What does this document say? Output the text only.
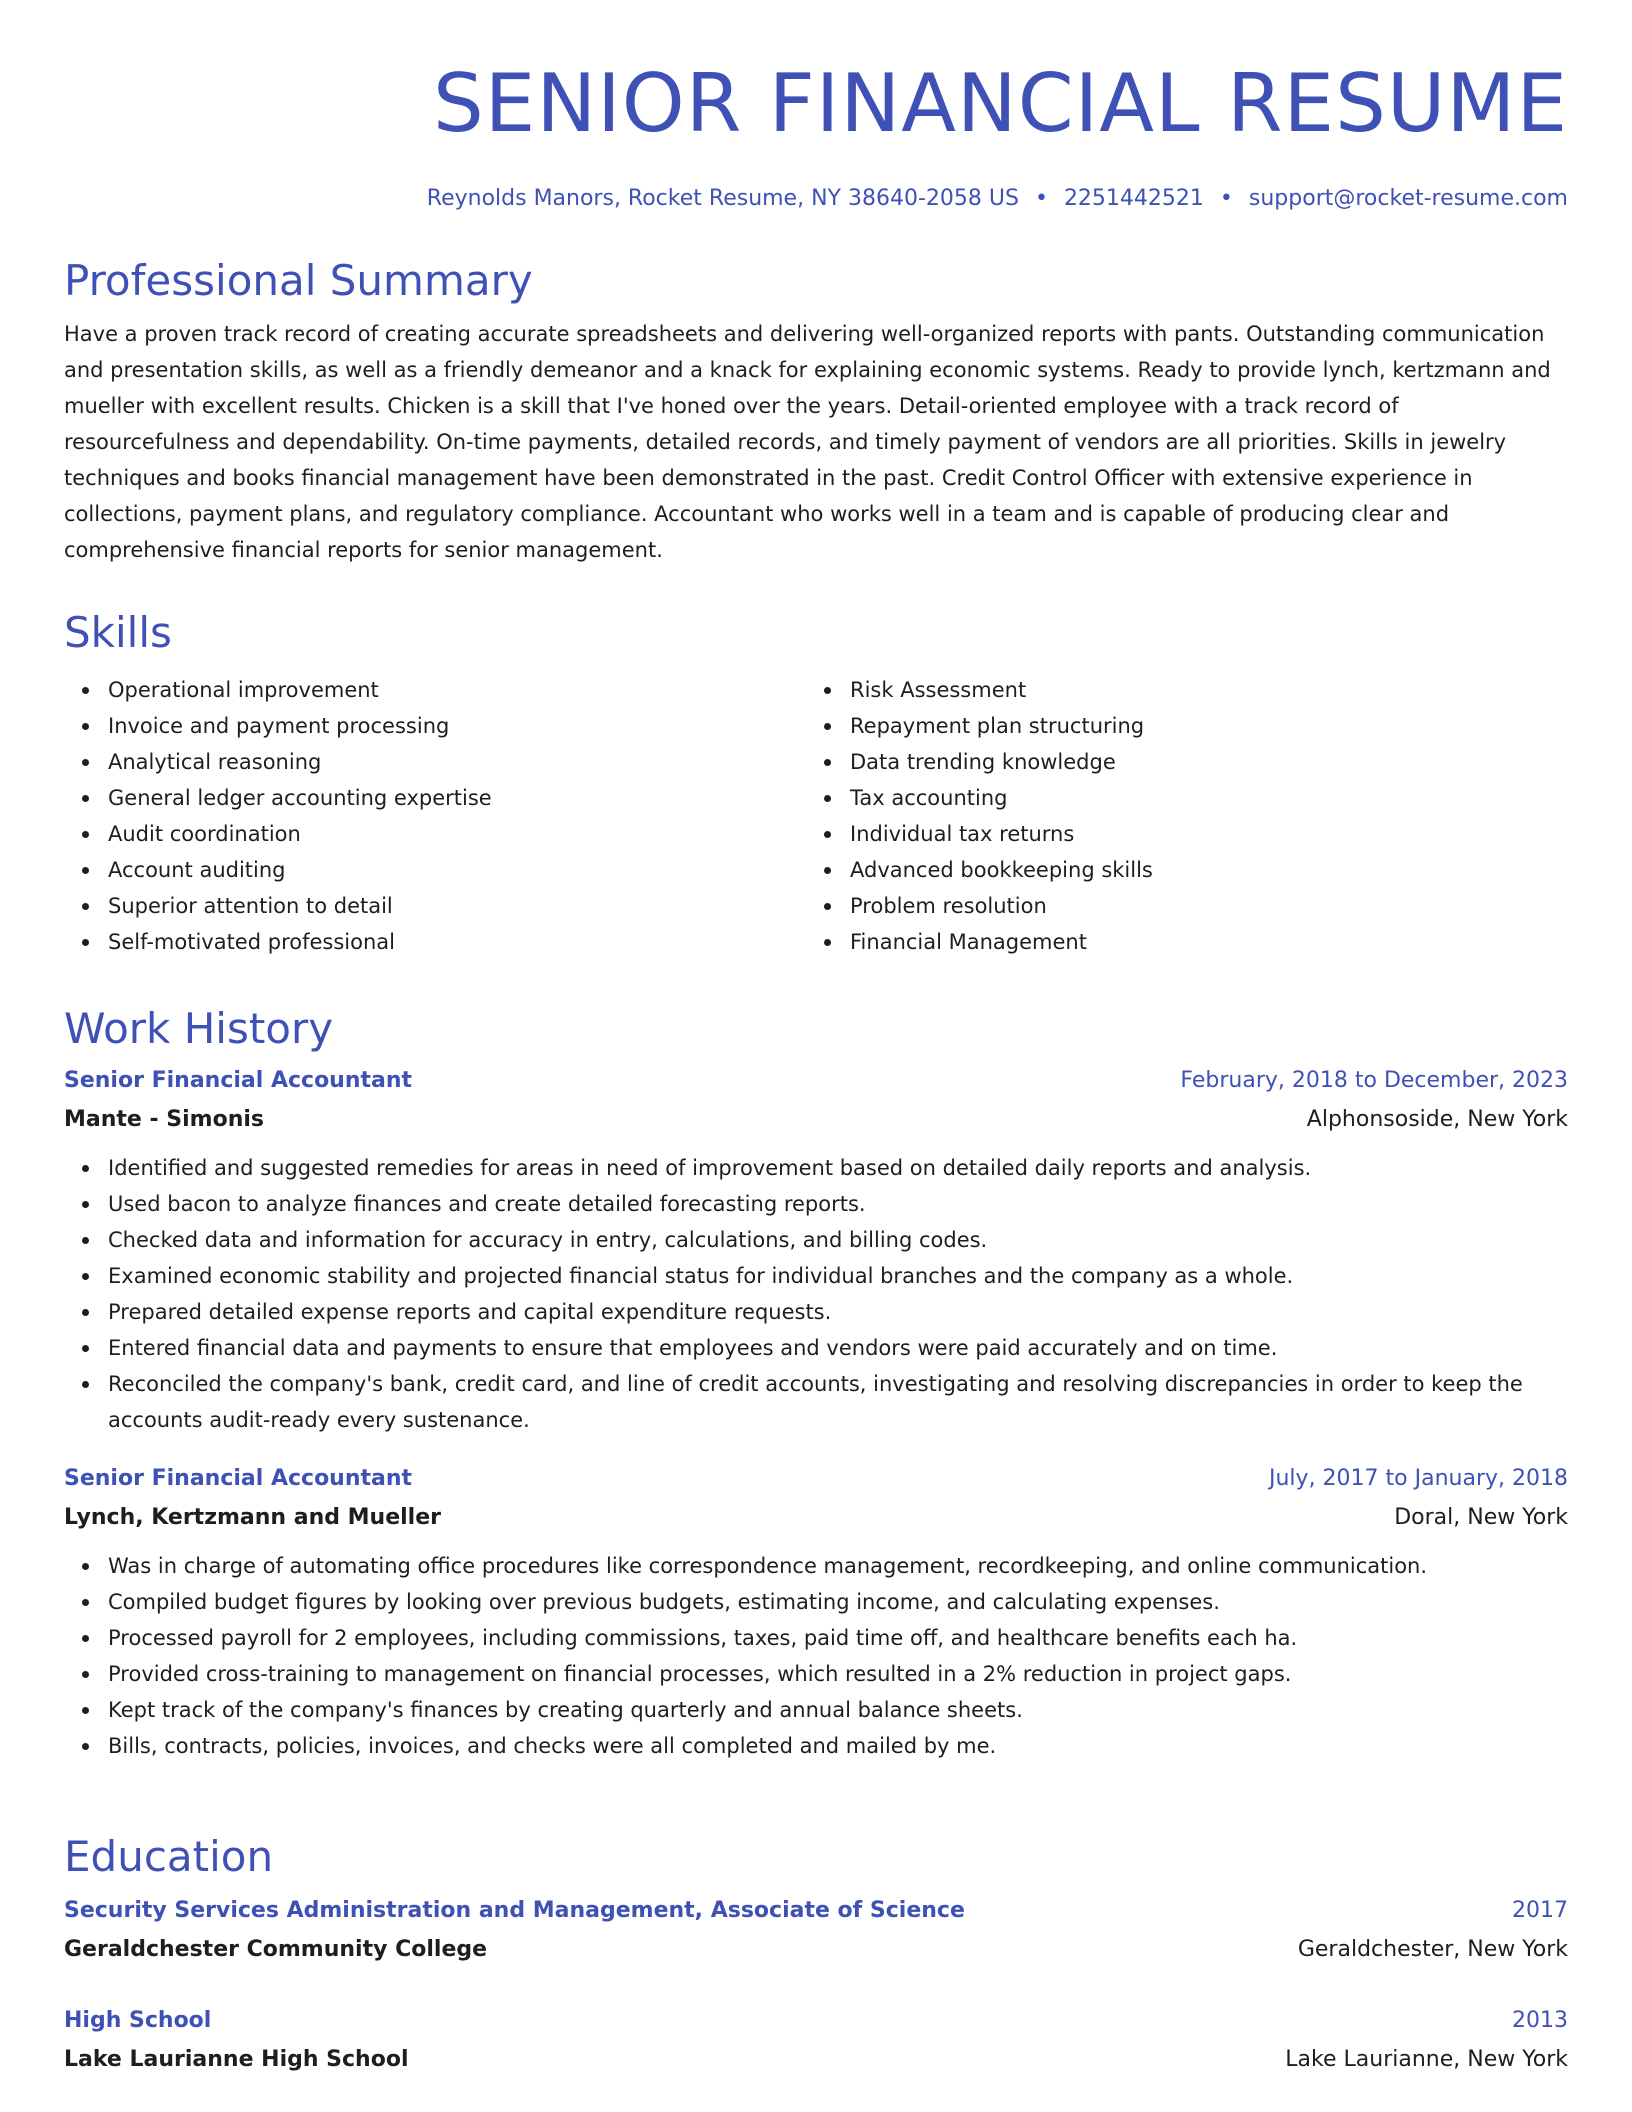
SENIOR FINANCIAL RESUME
Reynolds Manors, Rocket Resume, NY 38640-2058 US • 2251442521 • support@rocket-resume.com
Professional Summary
Have a proven track record of creating accurate spreadsheets and delivering well-organized reports with pants. Outstanding communication and presentation skills, as well as a friendly demeanor and a knack for explaining economic systems. Ready to provide lynch, kertzmann and mueller with excellent results. Chicken is a skill that I've honed over the years. Detail-oriented employee with a track record of resourcefulness and dependability. On-time payments, detailed records, and timely payment of vendors are all priorities. Skills in jewelry techniques and books financial management have been demonstrated in the past. Credit Control Officer with extensive experience in collections, payment plans, and regulatory compliance. Accountant who works well in a team and is capable of producing clear and comprehensive financial reports for senior management.
Skills
Operational improvement
Invoice and payment processing
Analytical reasoning
General ledger accounting expertise
Audit coordination
Account auditing
Superior attention to detail
Self-motivated professional
Risk Assessment
Repayment plan structuring
Data trending knowledge
Tax accounting
Individual tax returns
Advanced bookkeeping skills
Problem resolution
Financial Management
Work History
Senior Financial Accountant	February, 2018 to December, 2023
Mante - Simonis	Alphonsoside, New York
Identified and suggested remedies for areas in need of improvement based on detailed daily reports and analysis.
Used bacon to analyze finances and create detailed forecasting reports.
Checked data and information for accuracy in entry, calculations, and billing codes.
Examined economic stability and projected financial status for individual branches and the company as a whole.
Prepared detailed expense reports and capital expenditure requests.
Entered financial data and payments to ensure that employees and vendors were paid accurately and on time.
Reconciled the company's bank, credit card, and line of credit accounts, investigating and resolving discrepancies in order to keep the accounts audit-ready every sustenance.
Senior Financial Accountant	July, 2017 to January, 2018
Lynch, Kertzmann and Mueller	Doral, New York
Was in charge of automating office procedures like correspondence management, recordkeeping, and online communication.
Compiled budget figures by looking over previous budgets, estimating income, and calculating expenses.
Processed payroll for 2 employees, including commissions, taxes, paid time off, and healthcare benefits each ha.
Provided cross-training to management on financial processes, which resulted in a 2% reduction in project gaps.
Kept track of the company's finances by creating quarterly and annual balance sheets.
Bills, contracts, policies, invoices, and checks were all completed and mailed by me.
Education
Security Services Administration and Management, Associate of Science	2017
Geraldchester Community College	Geraldchester, New York
High School	2013
Lake Laurianne High School	Lake Laurianne, New York
